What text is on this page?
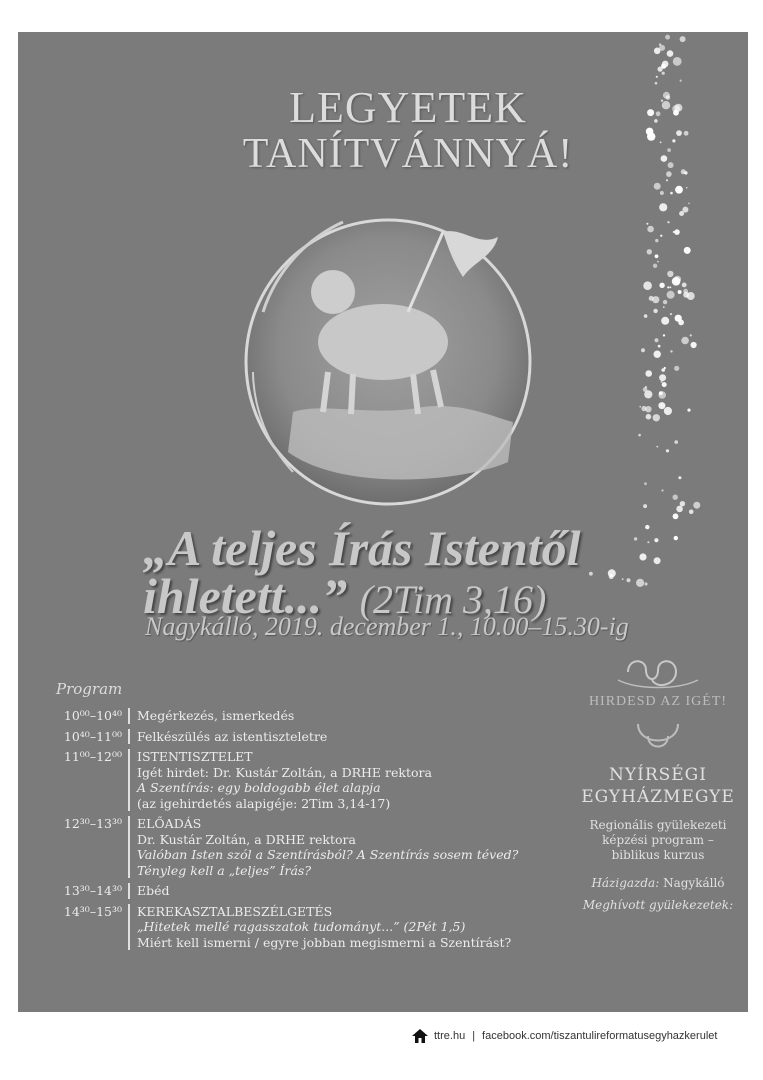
LEGYETEK
TANÍTVÁNNYÁ!
„A teljes Írás Istentől
ihletett...” (2Tim 3,16)
Nagykálló, 2019. december 1., 10.00–15.30-ig
Program
10⁰⁰–10⁴⁰	Megérkezés, ismerkedés
10⁴⁰–11⁰⁰	Felkészülés az istentiszteletre
11⁰⁰–12⁰⁰	ISTENTISZTELET
Igét hirdet: Dr. Kustár Zoltán, a DRHE rektora
A Szentírás: egy boldogabb élet alapja
(az igehirdetés alapigéje: 2Tim 3,14-17)
12³⁰–13³⁰	ELŐADÁS
Dr. Kustár Zoltán, a DRHE rektora
Valóban Isten szól a Szentírásból? A Szentírás sosem téved?
Tényleg kell a „teljes” Írás?
13³⁰–14³⁰	Ebéd
14³⁰–15³⁰	KEREKASZTALBESZÉLGETÉS
„Hitetek mellé ragasszatok tudományt...” (2Pét 1,5)
Miért kell ismerni / egyre jobban megismerni a Szentírást?
HIRDESD AZ IGÉT!
NYÍRSÉGI
EGYHÁZMEGYE
Regionális gyülekezeti
képzési program –
biblikus kurzus
Házigazda: Nagykálló
Meghívott gyülekezetek:
ttre.hu | facebook.com/tiszantulireformatusegyhazkerulet
